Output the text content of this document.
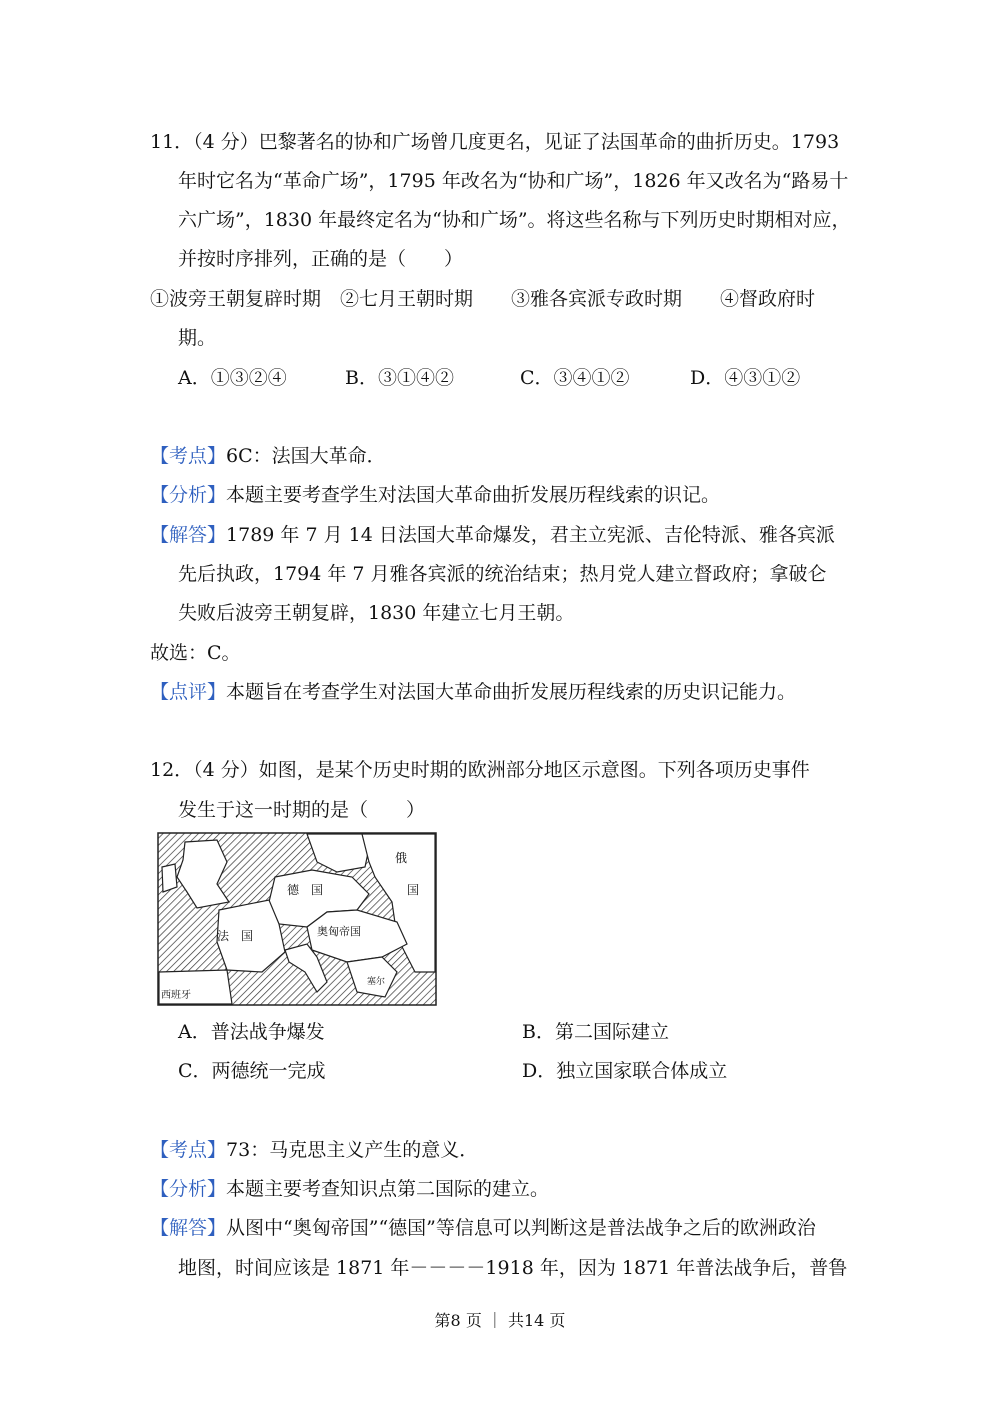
11．（4 分）巴黎著名的协和广场曾几度更名，见证了法国革命的曲折历史。1793
年时它名为“革命广场”，1795 年改名为“协和广场”，1826 年又改名为“路易十
六广场”，1830 年最终定名为“协和广场”。将这些名称与下列历史时期相对应，
并按时序排列，正确的是（　　）
①波旁王朝复辟时期　②七月王朝时期　　③雅各宾派专政时期　　④督政府时
期。
A．①③②④	B．③①④②	C．③④①②	D．④③①②
【考点】6C：法国大革命．
【分析】本题主要考查学生对法国大革命曲折发展历程线索的识记。
【解答】1789 年 7 月 14 日法国大革命爆发，君主立宪派、吉伦特派、雅各宾派
先后执政，1794 年 7 月雅各宾派的统治结束；热月党人建立督政府；拿破仑
失败后波旁王朝复辟，1830 年建立七月王朝。
故选：C。
【点评】本题旨在考查学生对法国大革命曲折发展历程线索的历史识记能力。
12．（4 分）如图，是某个历史时期的欧洲部分地区示意图。下列各项历史事件
发生于这一时期的是（　　）
俄
国
德　国
法　国	奥匈帝国
西班牙
塞尔
A．普法战争爆发	B．第二国际建立
C．两德统一完成	D．独立国家联合体成立
【考点】73：马克思主义产生的意义．
【分析】本题主要考查知识点第二国际的建立。
【解答】从图中“奥匈帝国”“德国”等信息可以判断这是普法战争之后的欧洲政治
地图，时间应该是 1871 年－－－－1918 年，因为 1871 年普法战争后，普鲁
第8 页 ｜ 共14 页
